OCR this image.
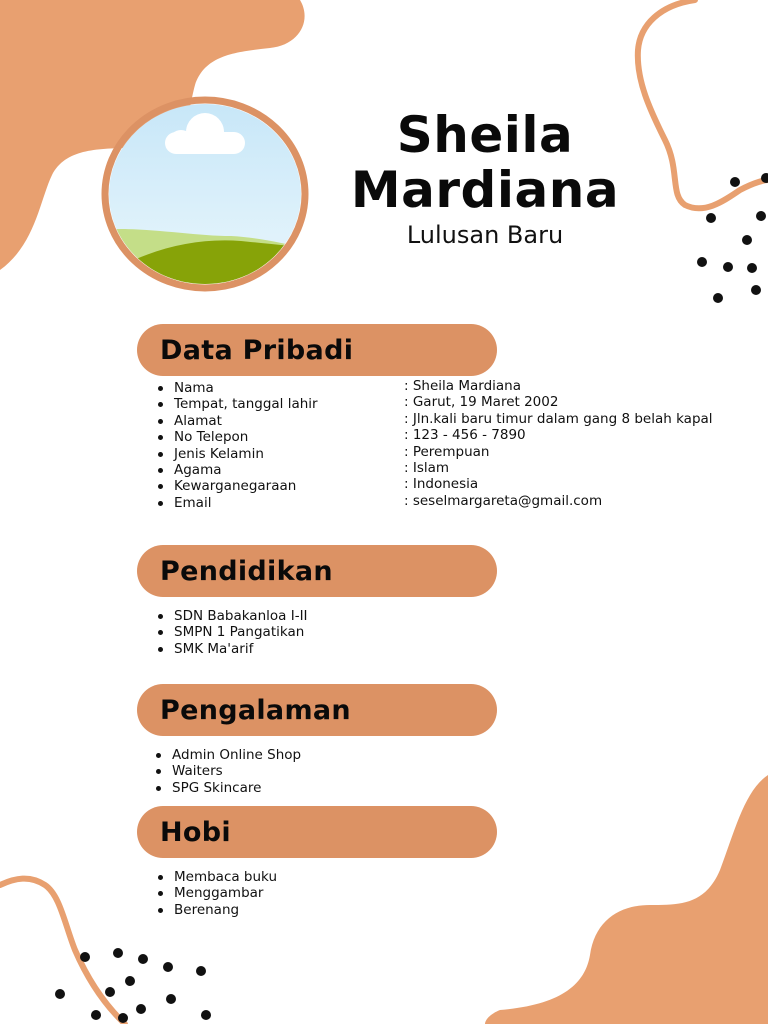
Sheila
Mardiana
Lulusan Baru
Data Pribadi
Nama
Tempat, tanggal lahir
Alamat
No Telepon
Jenis Kelamin
Agama
Kewarganegaraan
Email
: Sheila Mardiana
: Garut, 19 Maret 2002
: Jln.kali baru timur dalam gang 8 belah kapal
: 123 - 456 - 7890
: Perempuan
: Islam
: Indonesia
: seselmargareta@gmail.com
Pendidikan
SDN Babakanloa I-II
SMPN 1 Pangatikan
SMK Ma'arif
Pengalaman
Admin Online Shop
Waiters
SPG Skincare
Hobi
Membaca buku
Menggambar
Berenang
